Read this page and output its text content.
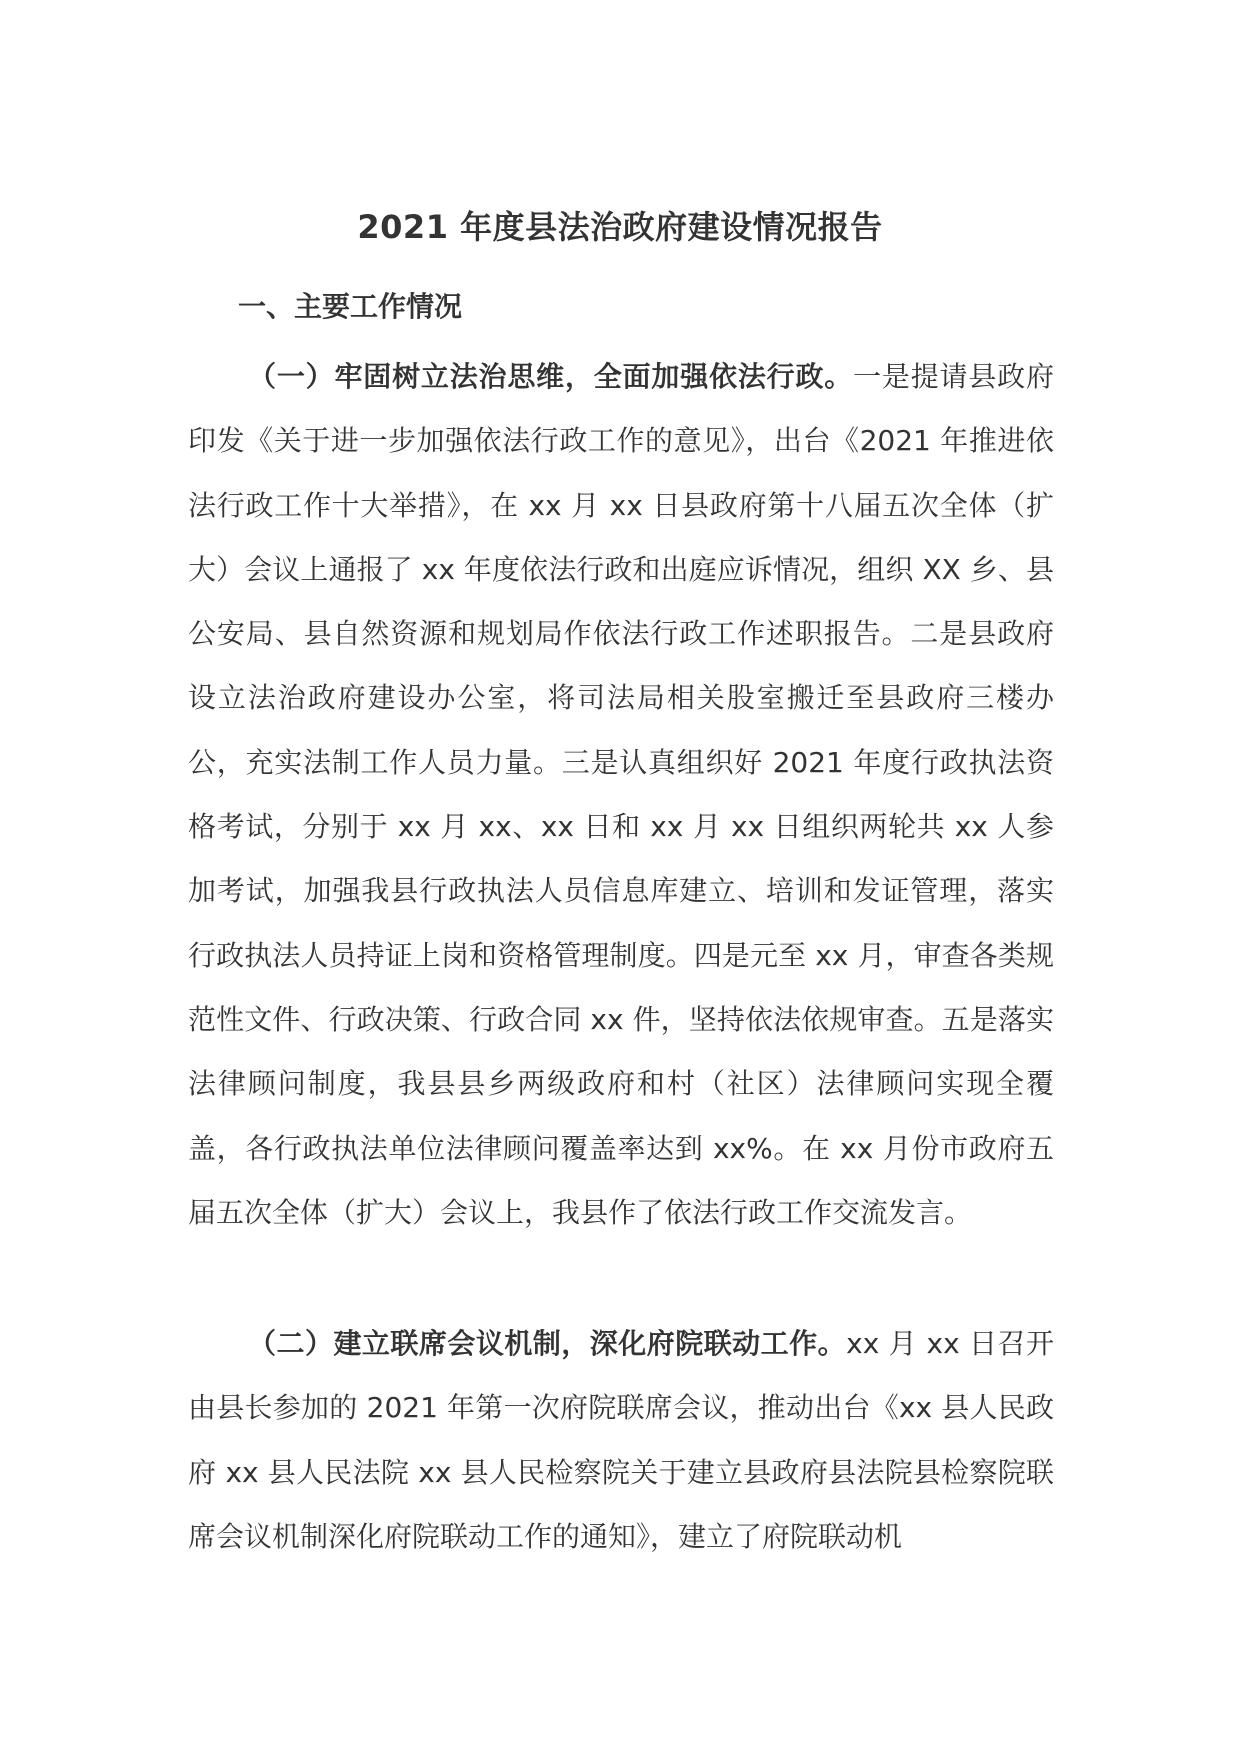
2021 年度县法治政府建设情况报告
一、主要工作情况

（一）牢固树立法治思维，全面加强依法行政。一是提请县政府印发《关于进一步加强依法行政工作的意见》，出台《2021 年推进依法行政工作十大举措》，在 xx 月 xx 日县政府第十八届五次全体（扩大）会议上通报了 xx 年度依法行政和出庭应诉情况，组织 XX 乡、县公安局、县自然资源和规划局作依法行政工作述职报告。二是县政府设立法治政府建设办公室，将司法局相关股室搬迁至县政府三楼办公，充实法制工作人员力量。三是认真组织好 2021 年度行政执法资格考试，分别于 xx 月 xx、xx 日和 xx 月 xx 日组织两轮共 xx 人参加考试，加强我县行政执法人员信息库建立、培训和发证管理，落实行政执法人员持证上岗和资格管理制度。四是元至 xx 月，审查各类规范性文件、行政决策、行政合同 xx 件，坚持依法依规审查。五是落实法律顾问制度，我县县乡两级政府和村（社区）法律顾问实现全覆盖，各行政执法单位法律顾问覆盖率达到 xx%。在 xx 月份市政府五届五次全体（扩大）会议上，我县作了依法行政工作交流发言。

（二）建立联席会议机制，深化府院联动工作。xx 月 xx 日召开由县长参加的 2021 年第一次府院联席会议，推动出台《xx 县人民政府 xx 县人民法院 xx 县人民检察院关于建立县政府县法院县检察院联席会议机制深化府院联动工作的通知》，建立了府院联动机
